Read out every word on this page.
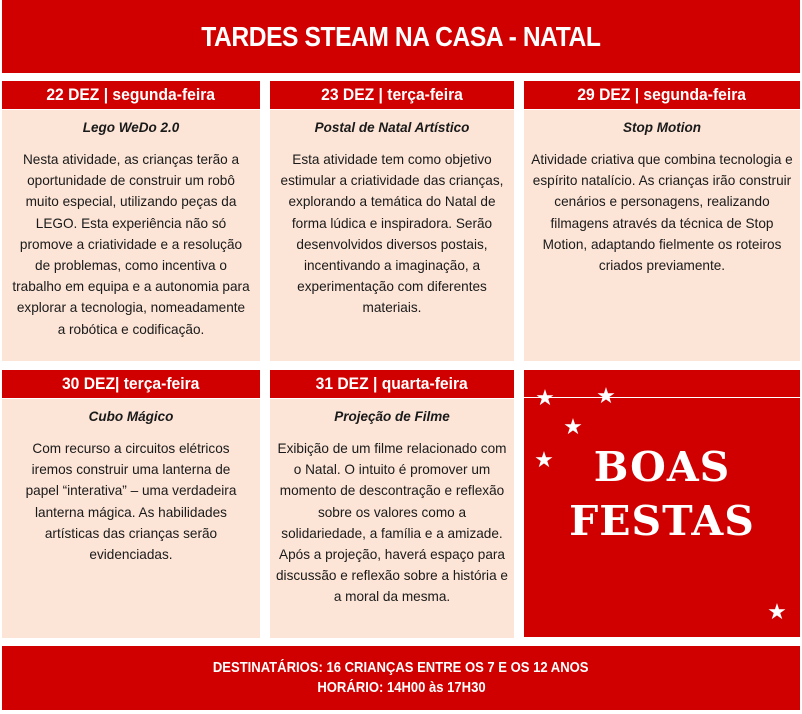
TARDES STEAM NA CASA - NATAL
22 DEZ | segunda-feira

Lego WeDo 2.0

Nesta atividade, as crianças terão a oportunidade de construir um robô muito especial, utilizando peças da LEGO. Esta experiência não só promove a criatividade e a resolução de problemas, como incentiva o trabalho em equipa e a autonomia para explorar a tecnologia, nomeadamente a robótica e codificação.

23 DEZ | terça-feira

Postal de Natal Artístico

Esta atividade tem como objetivo estimular a criatividade das crianças, explorando a temática do Natal de forma lúdica e inspiradora. Serão desenvolvidos diversos postais, incentivando a imaginação, a experimentação com diferentes materiais.

29 DEZ | segunda-feira

Stop Motion

Atividade criativa que combina tecnologia e espírito natalício. As crianças irão construir cenários e personagens, realizando filmagens através da técnica de Stop Motion, adaptando fielmente os roteiros criados previamente.

30 DEZ| terça-feira

Cubo Mágico

Com recurso a circuitos elétricos iremos construir uma lanterna de papel “interativa” – uma verdadeira lanterna mágica. As habilidades artísticas das crianças serão evidenciadas.

31 DEZ | quarta-feira

Projeção de Filme

Exibição de um filme relacionado com o Natal. O intuito é promover um momento de descontração e reflexão sobre os valores como a solidariedade, a família e a amizade. Após a projeção, haverá espaço para discussão e reflexão sobre a história e a moral da mesma.

★ ★
★
★
★
BOAS
FESTAS
DESTINATÁRIOS: 16 CRIANÇAS ENTRE OS 7 E OS 12 ANOS
HORÁRIO: 14H00 às 17H30
